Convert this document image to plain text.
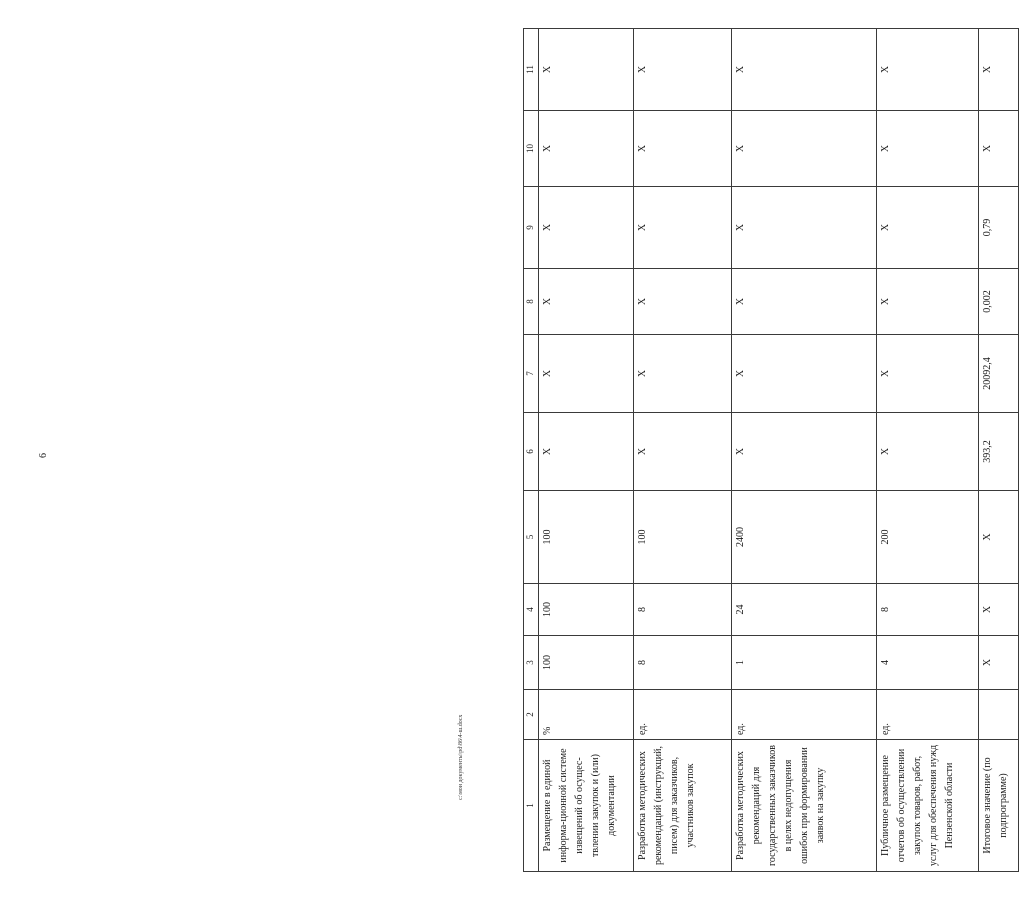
6
1	2	3	4	5	6	7	8	9	10	11
Размещение в единой информа-ционной системе извещений об осущес-твлении закупок и (или) документации	%	100	100	100	X	X	X	X	X	X
Разработка методических рекомендаций (инструкций, писем) для заказчиков, участников закупок	ед.	8	8	100	X	X	X	X	X	X
Разработка методических рекомендаций для государственных заказчиков в целях недопущения ошибок при формировании заявок на закупку	ед.	1	24	2400	X	X	X	X	X	X
Публичное размещение отчетов об осуществлении закупок товаров, работ, услуг для обеспечения нужд Пензенской области	ед.	4	8	200	X	X	X	X	X	X
Итоговое значение (по подпрограмме)		X	X	X	393,2	20092,4	0,002	0,79	X	X
c:\мои документы\pd\86\4-ш.docx
